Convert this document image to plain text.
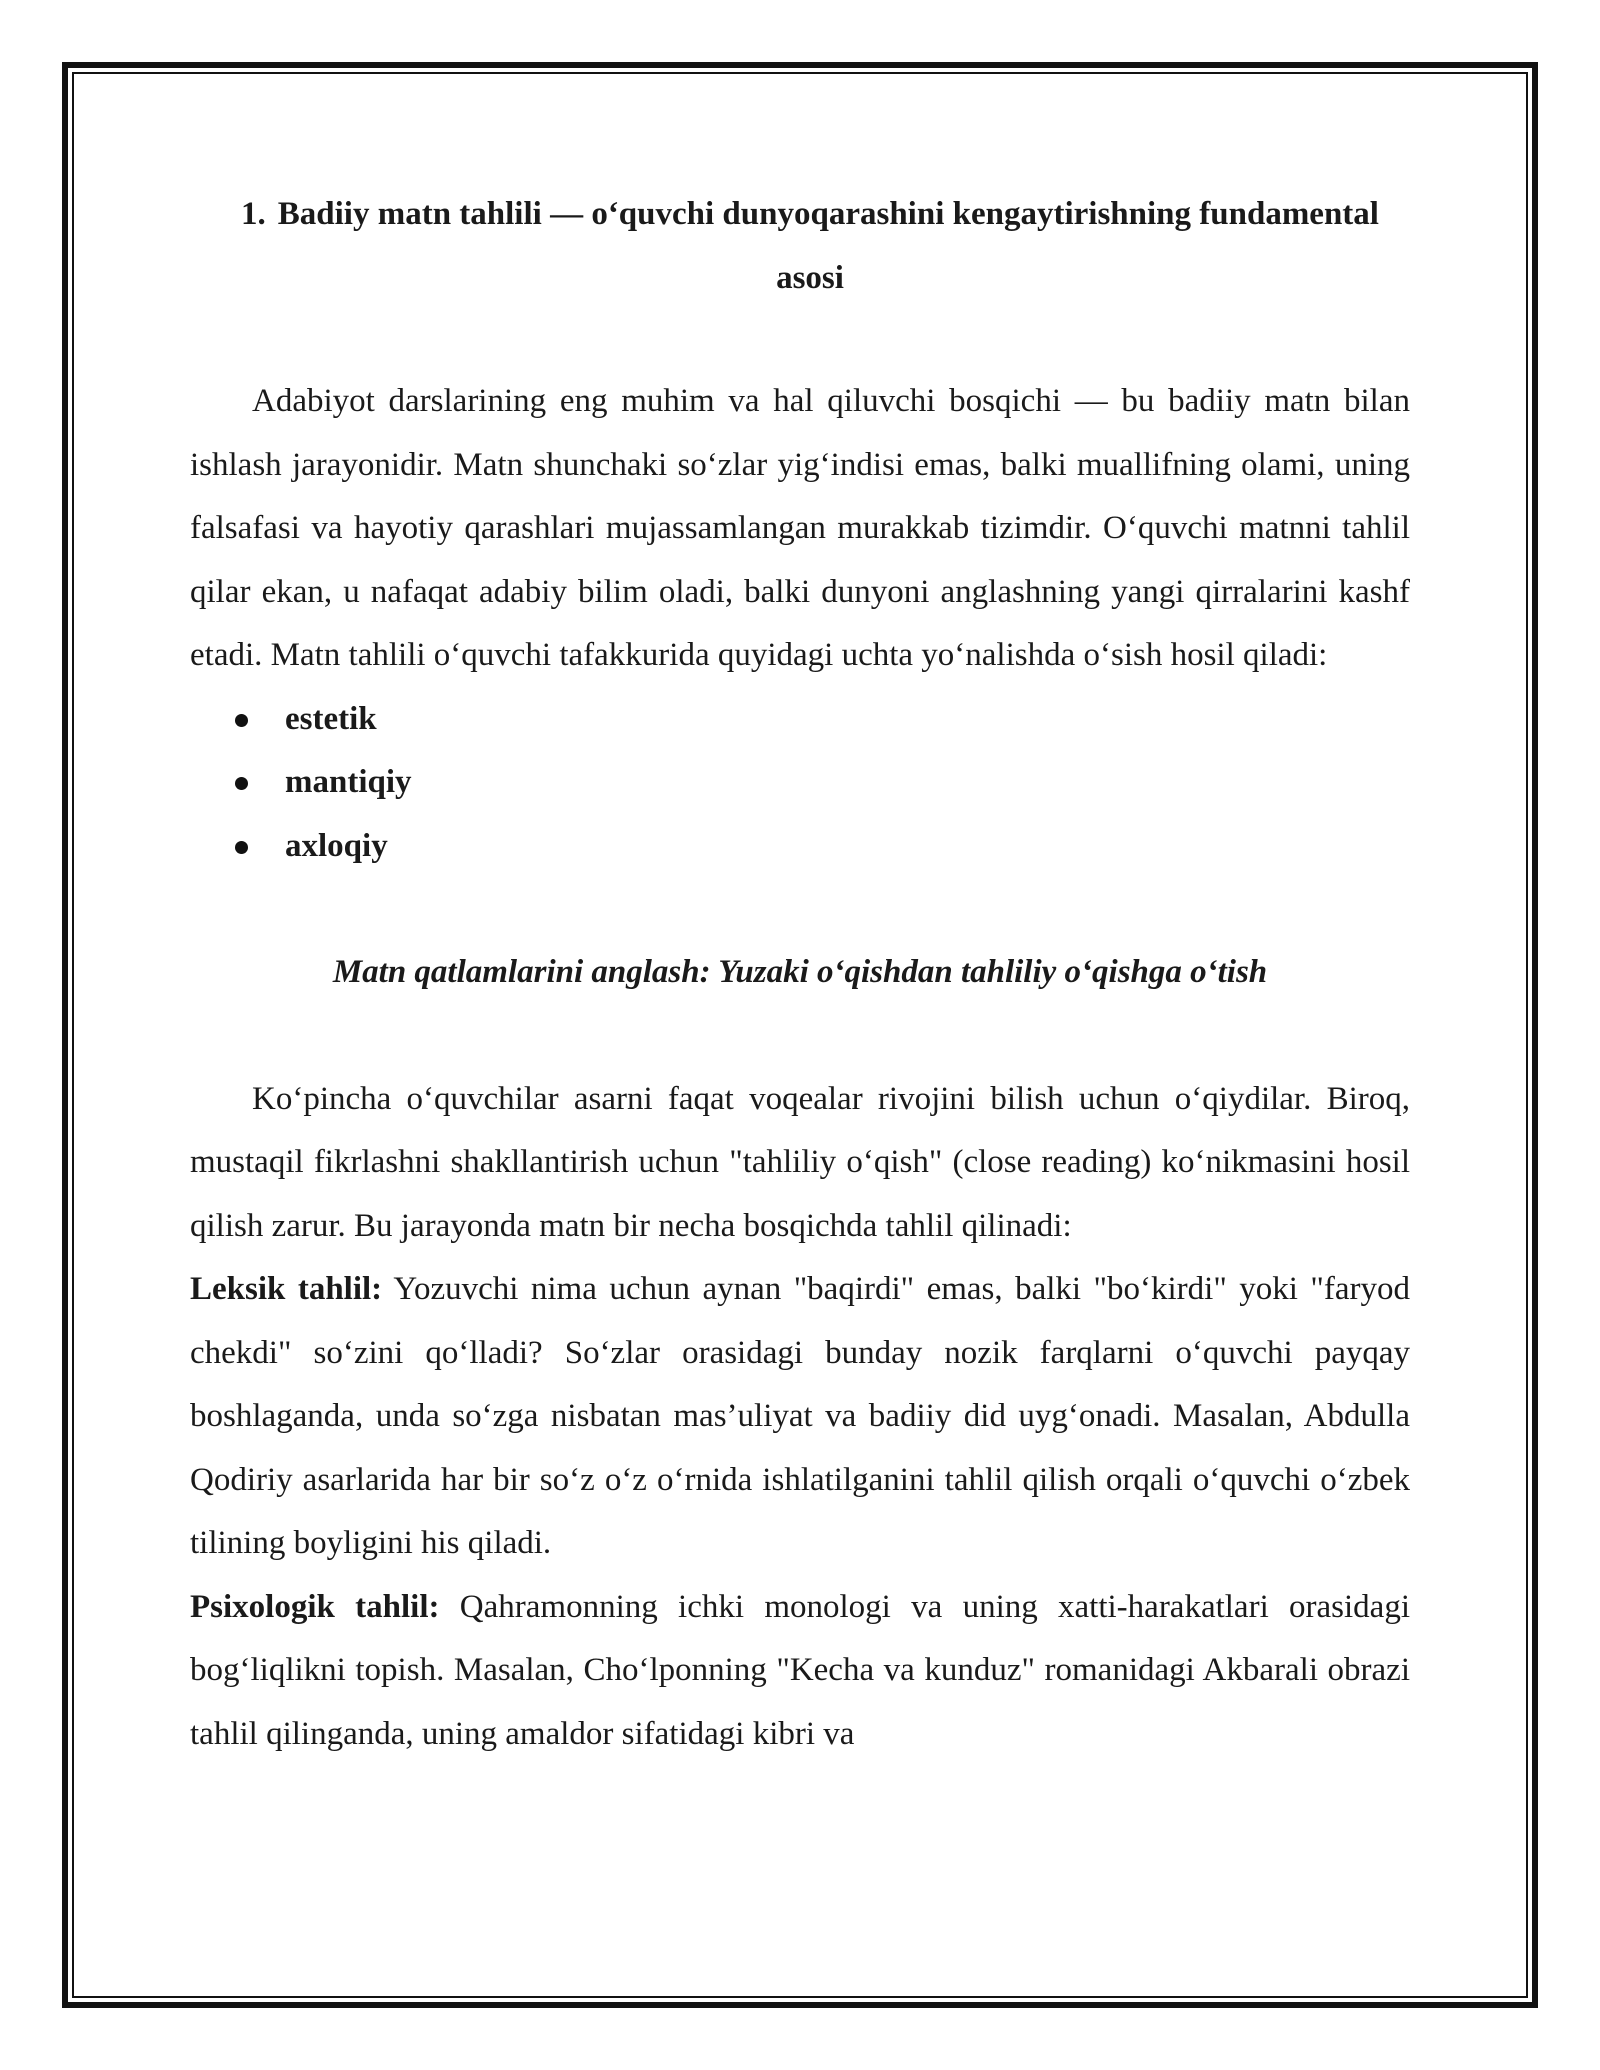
1. Badiiy matn tahlili — o‘quvchi dunyoqarashini kengaytirishning fundamental asosi

Adabiyot darslarining eng muhim va hal qiluvchi bosqichi — bu badiiy matn bilan ishlash jarayonidir. Matn shunchaki so‘zlar yig‘indisi emas, balki muallifning olami, uning falsafasi va hayotiy qarashlari mujassamlangan murakkab tizimdir. O‘quvchi matnni tahlil qilar ekan, u nafaqat adabiy bilim oladi, balki dunyoni anglashning yangi qirralarini kashf etadi. Matn tahlili o‘quvchi tafakkurida quyidagi uchta yo‘nalishda o‘sish hosil qiladi:

estetik
mantiqiy
axloqiy

Matn qatlamlarini anglash: Yuzaki o‘qishdan tahliliy o‘qishga o‘tish

Ko‘pincha o‘quvchilar asarni faqat voqealar rivojini bilish uchun o‘qiydilar. Biroq, mustaqil fikrlashni shakllantirish uchun "tahliliy o‘qish" (close reading) ko‘nikmasini hosil qilish zarur. Bu jarayonda matn bir necha bosqichda tahlil qilinadi:

Leksik tahlil: Yozuvchi nima uchun aynan "baqirdi" emas, balki "bo‘kirdi" yoki "faryod chekdi" so‘zini qo‘lladi? So‘zlar orasidagi bunday nozik farqlarni o‘quvchi payqay boshlaganda, unda so‘zga nisbatan mas’uliyat va badiiy did uyg‘onadi. Masalan, Abdulla Qodiriy asarlarida har bir so‘z o‘z o‘rnida ishlatilganini tahlil qilish orqali o‘quvchi o‘zbek tilining boyligini his qiladi.

Psixologik tahlil: Qahramonning ichki monologi va uning xatti-harakatlari orasidagi bog‘liqlikni topish. Masalan, Cho‘lponning "Kecha va kunduz" romanidagi Akbarali obrazi tahlil qilinganda, uning amaldor sifatidagi kibri va
